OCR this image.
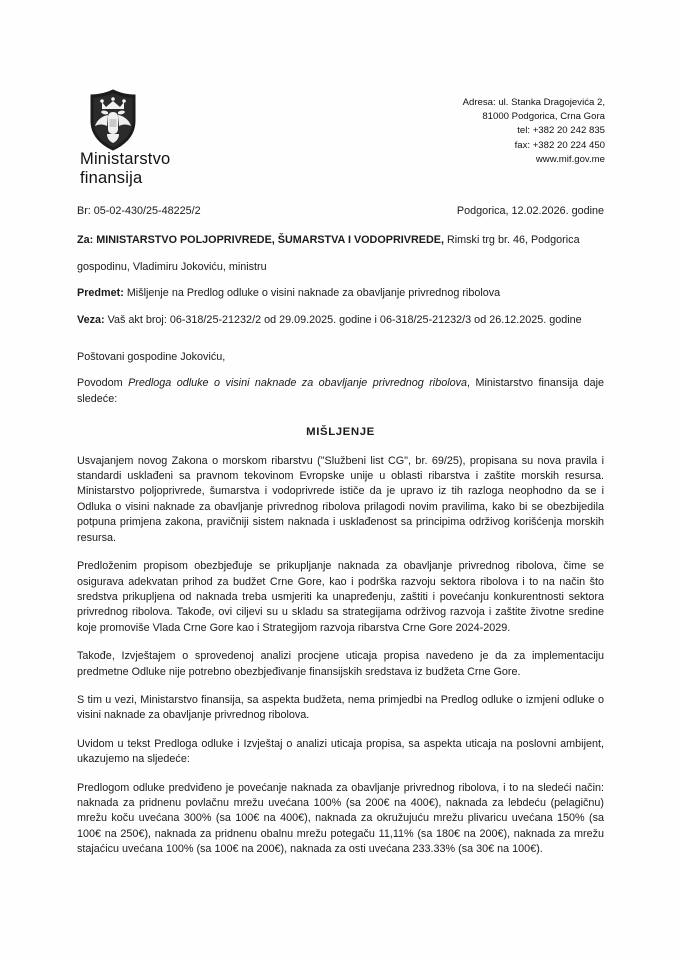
Ministarstvo
finansija
Adresa: ul. Stanka Dragojevića 2,
81000 Podgorica, Crna Gora
tel: +382 20 242 835
fax: +382 20 224 450
www.mif.gov.me
Br: 05-02-430/25-48225/2	Podgorica, 12.02.2026. godine

Za: MINISTARSTVO POLJOPRIVREDE, ŠUMARSTVA I VODOPRIVREDE, Rimski trg br. 46, Podgorica

gospodinu, Vladimiru Jokoviću, ministru

Predmet: Mišljenje na Predlog odluke o visini naknade za obavljanje privrednog ribolova

Veza: Vaš akt broj: 06-318/25-21232/2 od 29.09.2025. godine i 06-318/25-21232/3 od 26.12.2025. godine

Poštovani gospodine Jokoviću,

Povodom Predloga odluke o visini naknade za obavljanje privrednog ribolova, Ministarstvo finansija daje sledeće:
MIŠLJENJE
Usvajanjem novog Zakona o morskom ribarstvu ("Službeni list CG", br. 69/25), propisana su nova pravila i standardi usklađeni sa pravnom tekovinom Evropske unije u oblasti ribarstva i zaštite morskih resursa. Ministarstvo poljoprivrede, šumarstva i vodoprivrede ističe da je upravo iz tih razloga neophodno da se i Odluka o visini naknade za obavljanje privrednog ribolova prilagodi novim pravilima, kako bi se obezbijedila potpuna primjena zakona, pravičniji sistem naknada i usklađenost sa principima održivog korišćenja morskih resursa.
Predloženim propisom obezbjeđuje se prikupljanje naknada za obavljanje privrednog ribolova, čime se osigurava adekvatan prihod za budžet Crne Gore, kao i podrška razvoju sektora ribolova i to na način što sredstva prikupljena od naknada treba usmjeriti ka unapređenju, zaštiti i povećanju konkurentnosti sektora privrednog ribolova. Takođe, ovi ciljevi su u skladu sa strategijama održivog razvoja i zaštite životne sredine koje promoviše Vlada Crne Gore kao i Strategijom razvoja ribarstva Crne Gore 2024-2029.
Takođe, Izvještajem o sprovedenoj analizi procjene uticaja propisa navedeno je da za implementaciju predmetne Odluke nije potrebno obezbjeđivanje finansijskih sredstava iz budžeta Crne Gore.
S tim u vezi, Ministarstvo finansija, sa aspekta budžeta, nema primjedbi na Predlog odluke o izmjeni odluke o visini naknade za obavljanje privrednog ribolova.
Uvidom u tekst Predloga odluke i Izvještaj o analizi uticaja propisa, sa aspekta uticaja na poslovni ambijent, ukazujemo na sljedeće:
Predlogom odluke predviđeno je povećanje naknada za obavljanje privrednog ribolova, i to na sledeći način: naknada za pridnenu povlačnu mrežu uvećana 100% (sa 200€ na 400€), naknada za lebdeću (pelagičnu) mrežu koču uvećana 300% (sa 100€ na 400€), naknada za okružujuću mrežu plivaricu uvećana 150% (sa 100€ na 250€), naknada za pridnenu obalnu mrežu potegaču 11,11% (sa 180€ na 200€), naknada za mrežu stajaćicu uvećana 100% (sa 100€ na 200€), naknada za osti uvećana 233.33% (sa 30€ na 100€).
